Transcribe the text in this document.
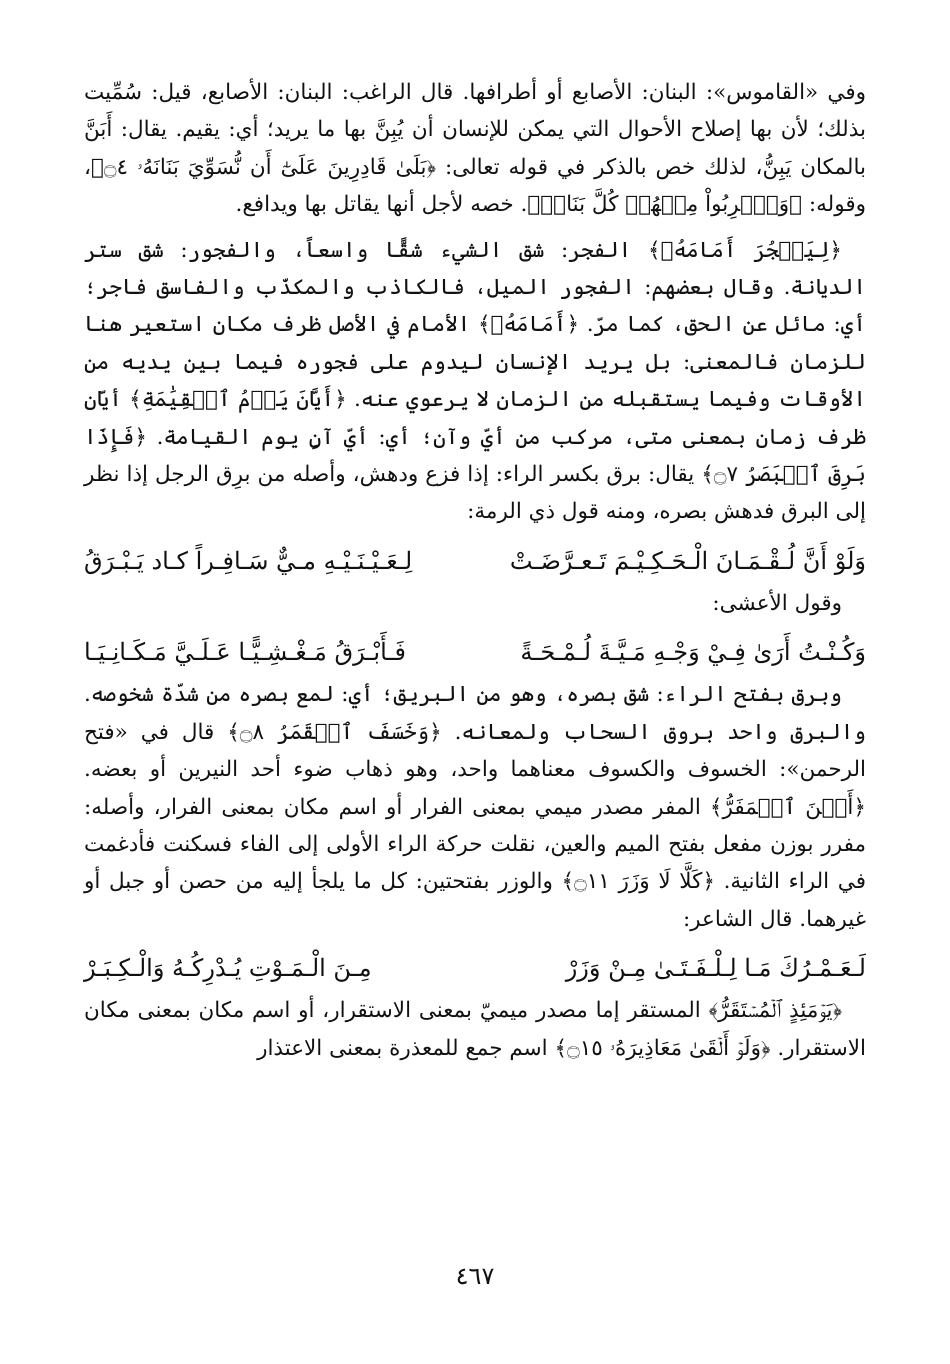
وفي «القاموس»: البنان: الأصابع أو أطرافها. قال الراغب: البنان: الأصابع، قيل: سُمِّيت بذلك؛ لأن بها إصلاح الأحوال التي يمكن للإنسان أن يُبِنَّ بها ما يريد؛ أي: يقيم. يقال: أَبَنَّ بالمكان يَبِنُّ، لذلك خص بالذكر في قوله تعالى: ﴿بَلَىٰ قَادِرِينَ عَلَىٰٓ أَن نُّسَوِّيَ بَنَانَهُۥ ۝٤﴾، وقوله: ﴿وَٱضۡرِبُواْ مِنۡهُمۡ كُلَّ بَنَانٖ﴾. خصه لأجل أنها يقاتل بها ويدافع.

﴿لِيَفۡجُرَ أَمَامَهُۥ﴾ الفجر: شق الشيء شقًّا واسعاً، والفجور: شق ستر الديانة. وقال بعضهم: الفجور الميل، فالكاذب والمكذّب والفاسق فاجر؛ أي: مائل عن الحق، كما مرّ. ﴿أَمَامَهُۥ﴾ الأمام في الأصل ظرف مكان استعير هنا للزمان فالمعنى: بل يريد الإنسان ليدوم على فجوره فيما بين يديه من الأوقات وفيما يستقبله من الزمان لا يرعوي عنه. ﴿أَيَّانَ يَوۡمُ ٱلۡقِيَٰمَةِ﴾ أيّان ظرف زمان بمعنى متى، مركب من أيّ وآن؛ أي: أيّ آنٍ يوم القيامة. ﴿فَإِذَا بَرِقَ ٱلۡبَصَرُ ۝٧﴾ يقال: برق بكسر الراء: إذا فزع ودهش، وأصله من برِق الرجل إذا نظر إلى البرق فدهش بصره، ومنه قول ذي الرمة:

وَلَوْ أَنَّ لُـقْـمَـانَ الْـحَـكِـيْـمَ تَـعـرَّضَـتْ
لِـعَـيْـنَـيْـهِ مـيٌّ سَـافِـراً كـاد يَـبْـرَقُ

وقول الأعشى:

وَكُـنْـتُ أَرَىٰ فِـيْ وَجْـهِ مَـيَّـةَ لُـمْـحَـةً
فَـأَبْـرَقُ مَـغْـشِـيًّـا عَـلَـيَّ مَـكَـانِـيَـا

وبرق بفتح الراء: شق بصره، وهو من البريق؛ أي: لمع بصره من شدّة شخوصه. والبرق واحد بروق السحاب ولمعانه. ﴿وَخَسَفَ ٱلۡقَمَرُ ۝٨﴾ قال في «فتح الرحمن»: الخسوف والكسوف معناهما واحد، وهو ذهاب ضوء أحد النيرين أو بعضه. ﴿أَيۡنَ ٱلۡمَفَرُّ﴾ المفر مصدر ميمي بمعنى الفرار أو اسم مكان بمعنى الفرار، وأصله: مفرر بوزن مفعل بفتح الميم والعين، نقلت حركة الراء الأولى إلى الفاء فسكنت فأدغمت في الراء الثانية. ﴿كَلَّا لَا وَزَرَ ۝١١﴾ والوزر بفتحتين: كل ما يلجأ إليه من حصن أو جبل أو غيرهما. قال الشاعر:

لَـعَـمْـرُكَ مَـا لِـلْـفَـتَـىٰ مِـنْ وَزَرْ
مِـنَ الْـمَـوْتِ يُـدْرِكُـهُ وَالْـكِـبَـرْ

﴿يَوۡمَئِذٍ ٱلۡمُسۡتَقَرُّ﴾ المستقر إما مصدر ميميّ بمعنى الاستقرار، أو اسم مكان بمعنى مكان الاستقرار. ﴿وَلَوۡ أَلۡقَىٰ مَعَاذِيرَهُۥ ۝١٥﴾ اسم جمع للمعذرة بمعنى الاعتذار

٤٦٧
